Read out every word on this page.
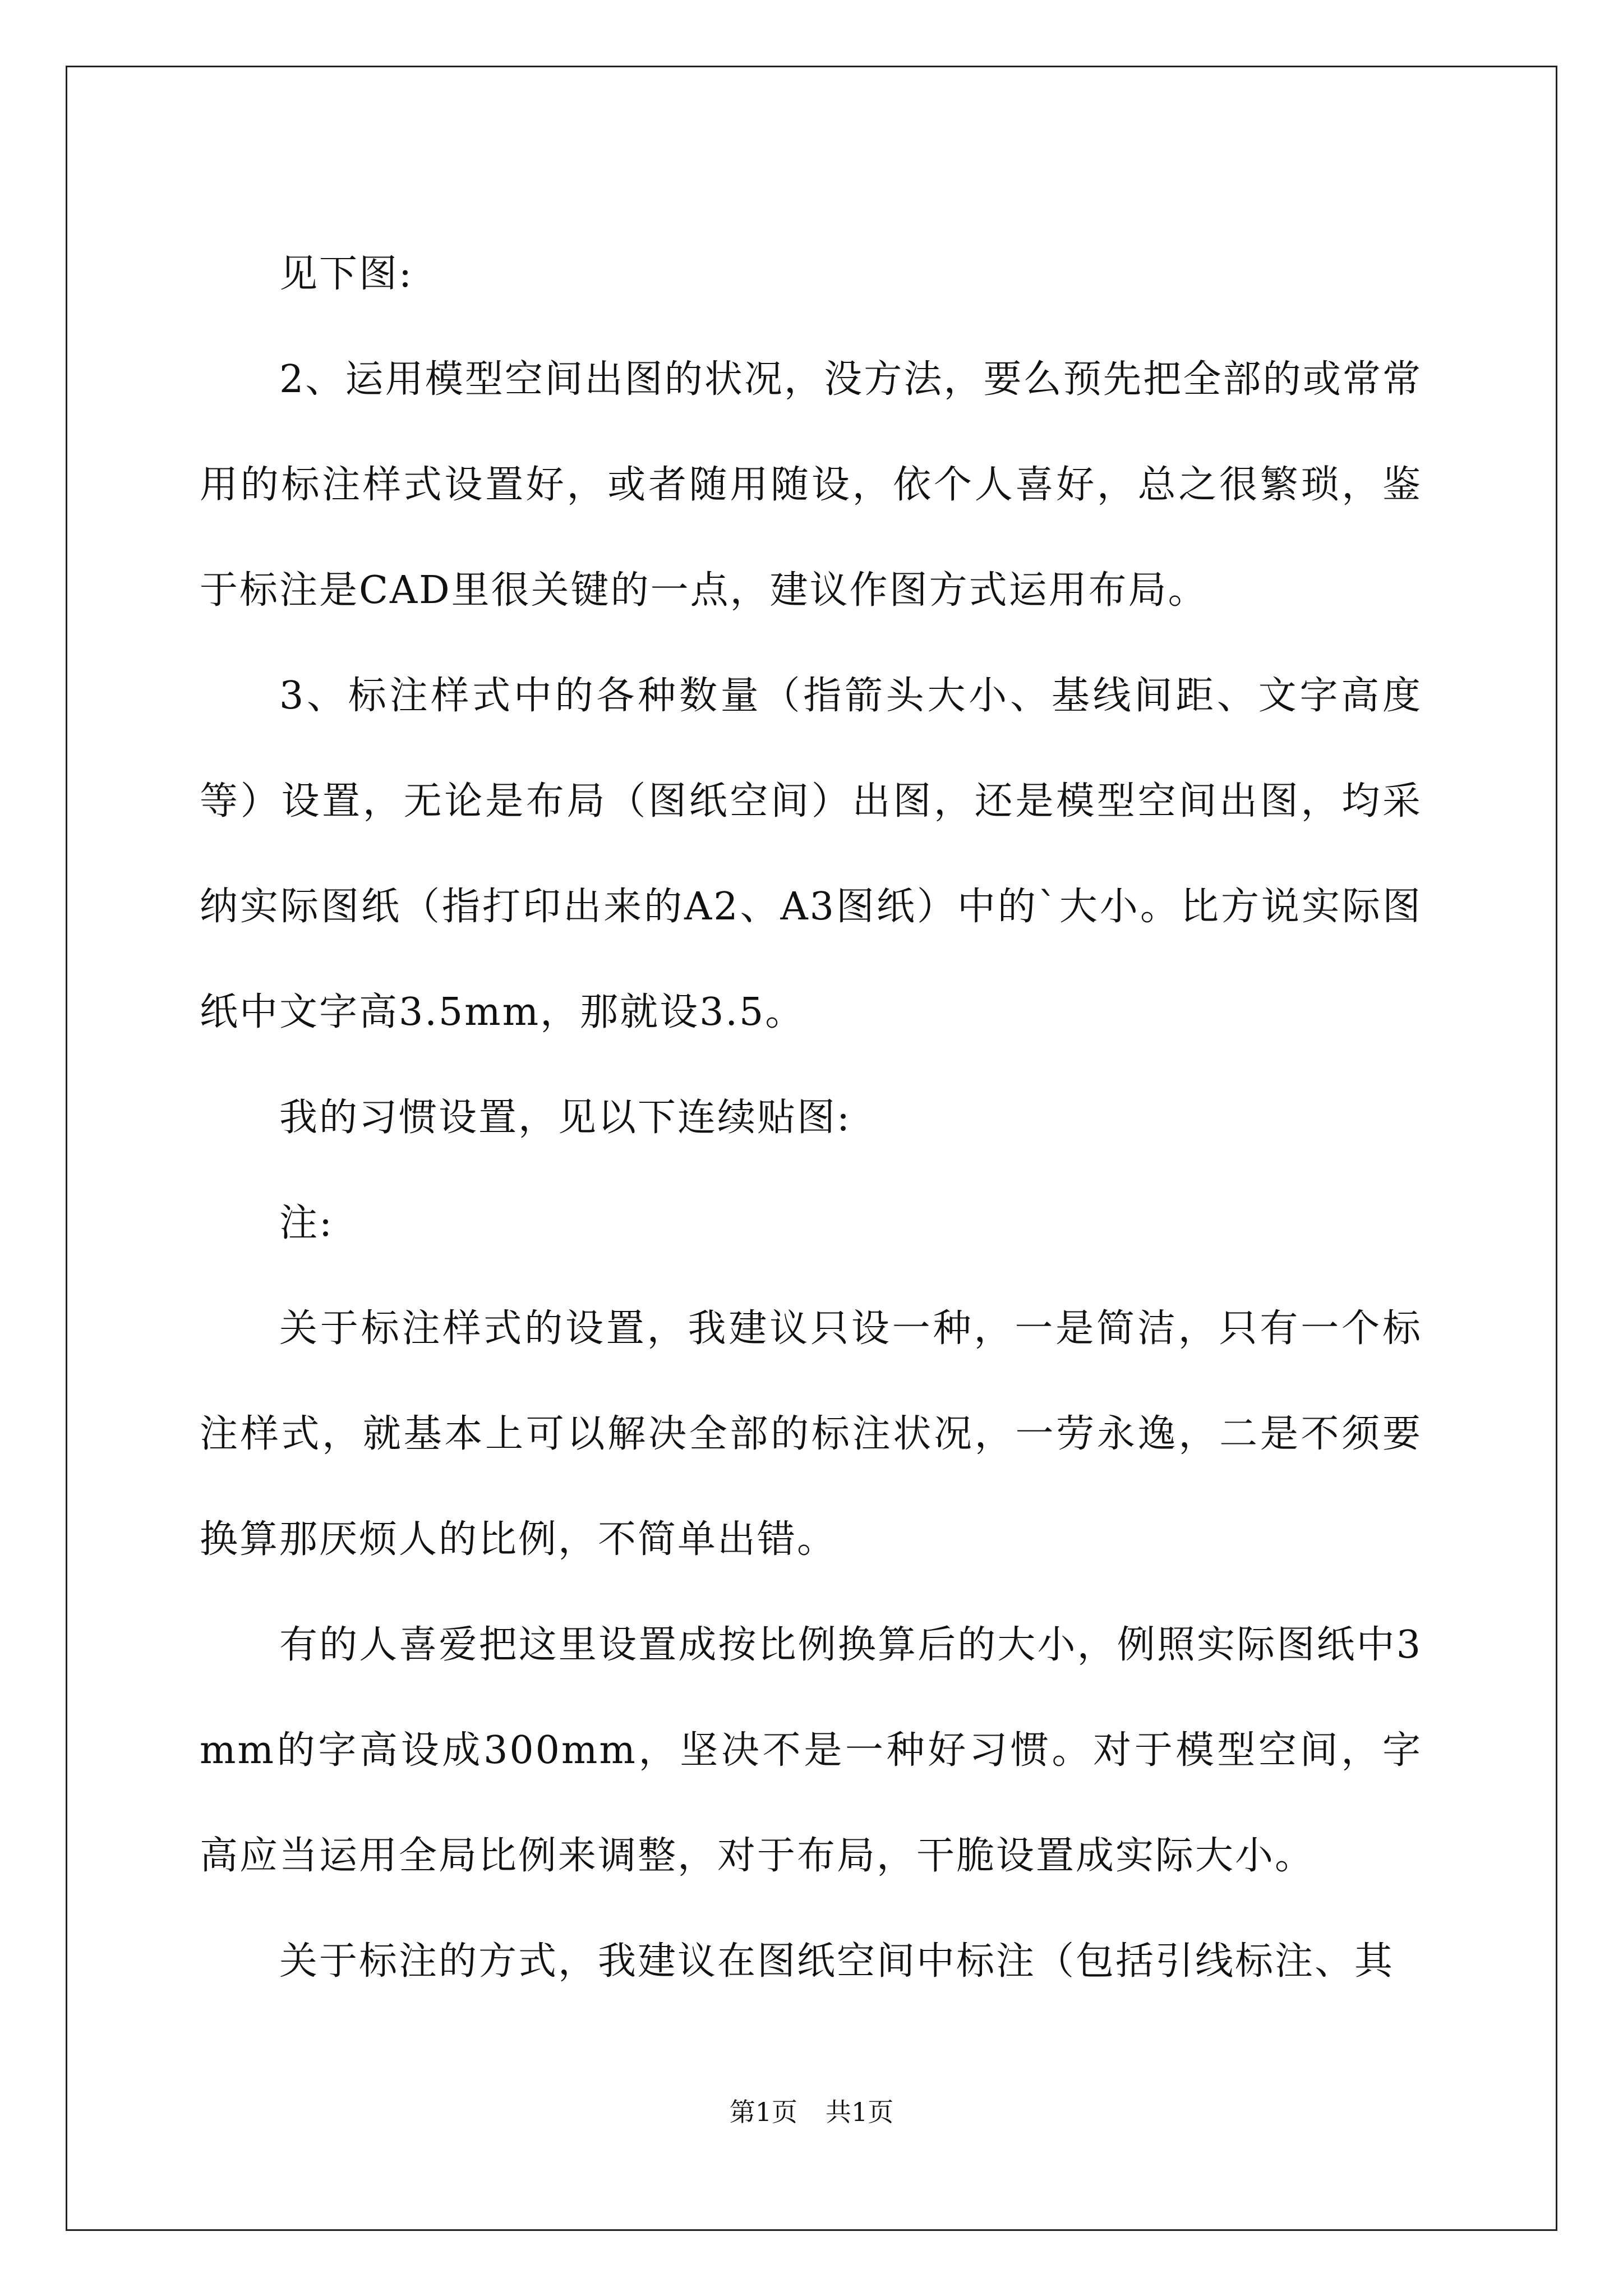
见下图:

2、运用模型空间出图的状况，没方法，要么预先把全部的或常常用的标注样式设置好，或者随用随设，依个人喜好，总之很繁琐，鉴于标注是CAD里很关键的一点，建议作图方式运用布局。

3、标注样式中的各种数量（指箭头大小、基线间距、文字高度等）设置，无论是布局（图纸空间）出图，还是模型空间出图，均采纳实际图纸（指打印出来的A2、A3图纸）中的`大小。比方说实际图纸中文字高3.5mm，那就设3.5。

我的习惯设置，见以下连续贴图:

注:

关于标注样式的设置，我建议只设一种，一是简洁，只有一个标注样式，就基本上可以解决全部的标注状况，一劳永逸，二是不须要换算那厌烦人的比例，不简单出错。

有的人喜爱把这里设置成按比例换算后的大小，例照实际图纸中3mm的字高设成300mm，坚决不是一种好习惯。对于模型空间，字高应当运用全局比例来调整，对于布局，干脆设置成实际大小。

关于标注的方式，我建议在图纸空间中标注（包括引线标注、其

第1页 共1页
